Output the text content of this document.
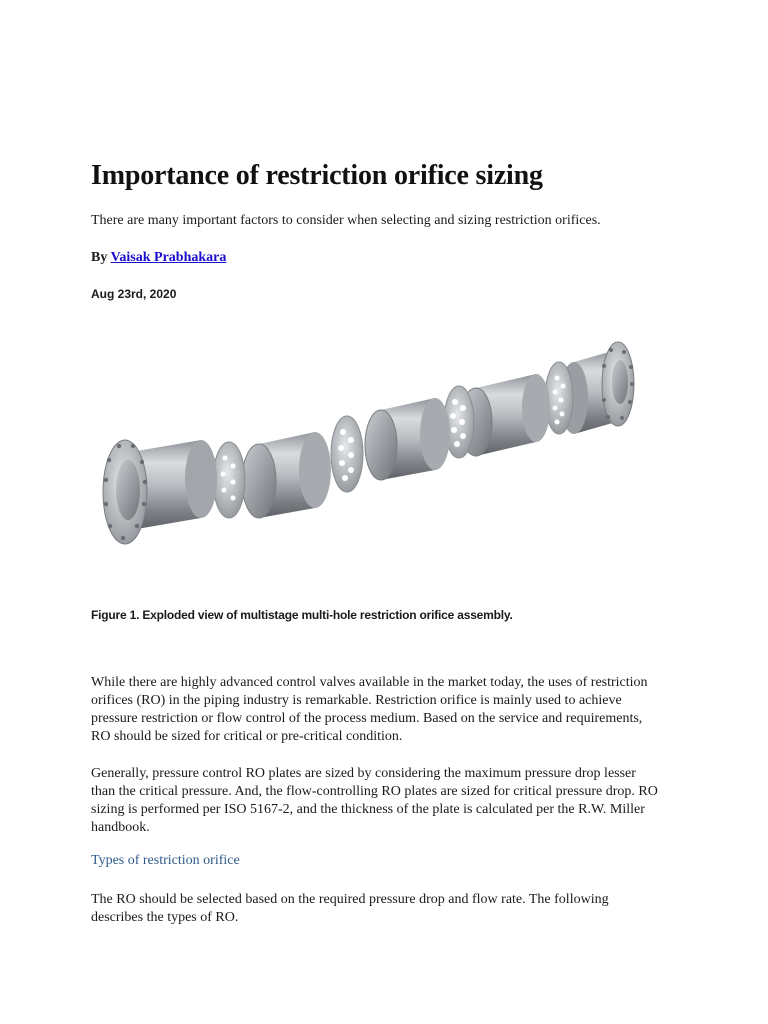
Importance of restriction orifice sizing

There are many important factors to consider when selecting and sizing restriction orifices.

By Vaisak Prabhakara

Aug 23rd, 2020

Figure 1. Exploded view of multistage multi-hole restriction orifice assembly.

While there are highly advanced control valves available in the market today, the uses of restriction orifices (RO) in the piping industry is remarkable. Restriction orifice is mainly used to achieve pressure restriction or flow control of the process medium. Based on the service and requirements, RO should be sized for critical or pre-critical condition.

Generally, pressure control RO plates are sized by considering the maximum pressure drop lesser than the critical pressure. And, the flow-controlling RO plates are sized for critical pressure drop. RO sizing is performed per ISO 5167-2, and the thickness of the plate is calculated per the R.W. Miller handbook.

Types of restriction orifice

The RO should be selected based on the required pressure drop and flow rate. The following describes the types of RO.
